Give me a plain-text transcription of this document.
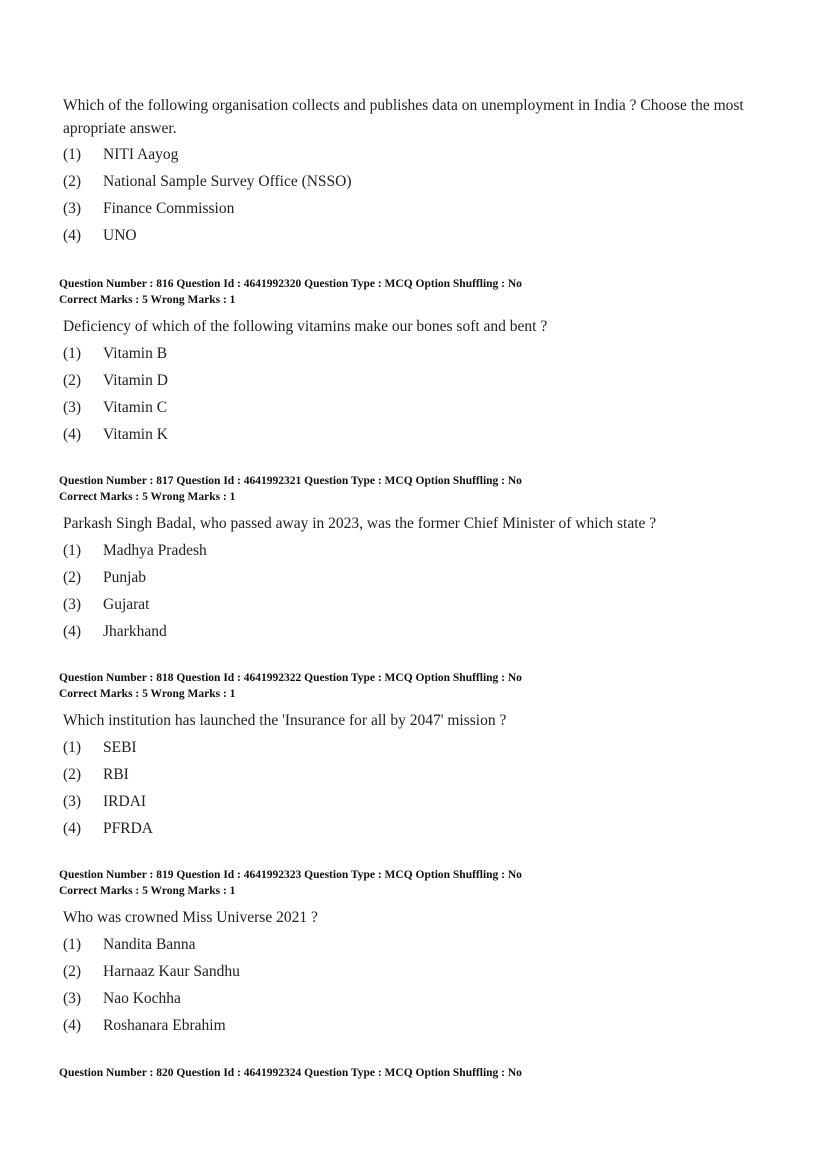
Which of the following organisation collects and publishes data on unemployment in India ? Choose the most apropriate answer.
(1) NITI Aayog
(2) National Sample Survey Office (NSSO)
(3) Finance Commission
(4) UNO
Question Number : 816 Question Id : 4641992320 Question Type : MCQ Option Shuffling : No
Correct Marks : 5 Wrong Marks : 1
Deficiency of which of the following vitamins make our bones soft and bent ?
(1) Vitamin B
(2) Vitamin D
(3) Vitamin C
(4) Vitamin K
Question Number : 817 Question Id : 4641992321 Question Type : MCQ Option Shuffling : No
Correct Marks : 5 Wrong Marks : 1
Parkash Singh Badal, who passed away in 2023, was the former Chief Minister of which state ?
(1) Madhya Pradesh
(2) Punjab
(3) Gujarat
(4) Jharkhand
Question Number : 818 Question Id : 4641992322 Question Type : MCQ Option Shuffling : No
Correct Marks : 5 Wrong Marks : 1
Which institution has launched the 'Insurance for all by 2047' mission ?
(1) SEBI
(2) RBI
(3) IRDAI
(4) PFRDA
Question Number : 819 Question Id : 4641992323 Question Type : MCQ Option Shuffling : No
Correct Marks : 5 Wrong Marks : 1
Who was crowned Miss Universe 2021 ?
(1) Nandita Banna
(2) Harnaaz Kaur Sandhu
(3) Nao Kochha
(4) Roshanara Ebrahim
Question Number : 820 Question Id : 4641992324 Question Type : MCQ Option Shuffling : No
